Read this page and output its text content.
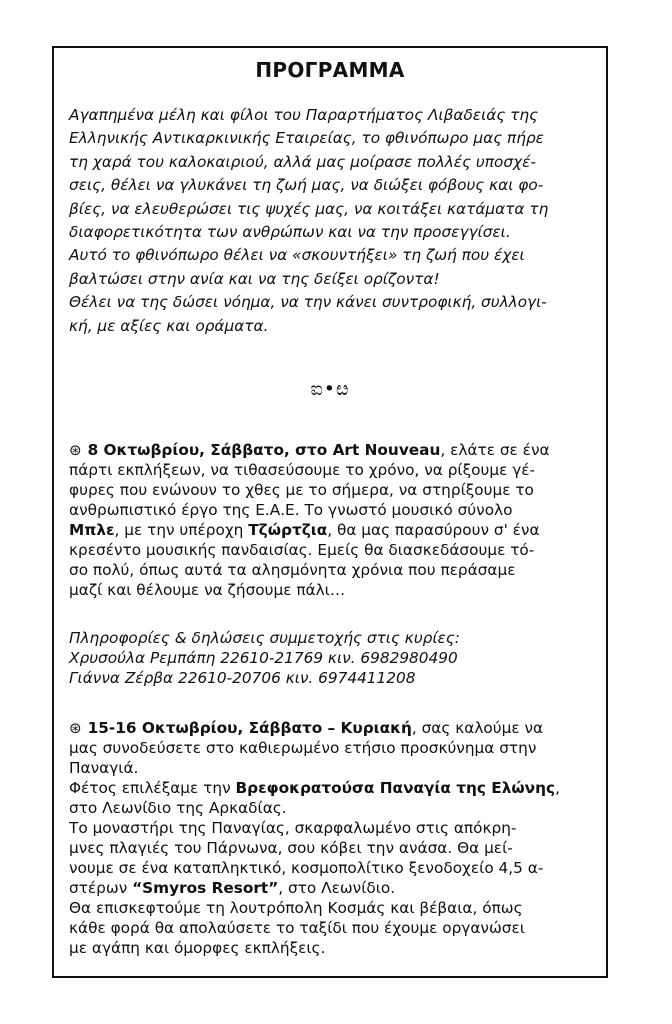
ΠΡΟΓΡΑΜΜΑ

Αγαπημένα μέλη και φίλοι του Παραρτήματος Λιβαδειάς της

Ελληνικής Αντικαρκινικής Εταιρείας, το φθινόπωρο μας πήρε

τη χαρά του καλοκαιριού, αλλά μας μοίρασε πολλές υποσχέ-

σεις, θέλει να γλυκάνει τη ζωή μας, να διώξει φόβους και φο-

βίες, να ελευθερώσει τις ψυχές μας, να κοιτάξει κατάματα τη

διαφορετικότητα των ανθρώπων και να την προσεγγίσει.

Αυτό το φθινόπωρο θέλει να «σκουντήξει» τη ζωή που έχει

βαλτώσει στην ανία και να της δείξει ορίζοντα!

Θέλει να της δώσει νόημα, να την κάνει συντροφική, συλλογι-

κή, με αξίες και οράματα.

ಐ•ೞ

⊛ 8 Οκτωβρίου, Σάββατο, στο Art Nouveau, ελάτε σε ένα

πάρτι εκπλήξεων, να τιθασεύσουμε το χρόνο, να ρίξουμε γέ-

φυρες που ενώνουν το χθες με το σήμερα, να στηρίξουμε το

ανθρωπιστικό έργο της Ε.Α.Ε. Το γνωστό μουσικό σύνολο

Μπλε, με την υπέροχη Τζώρτζια, θα μας παρασύρουν σ' ένα

κρεσέντο μουσικής πανδαισίας. Εμείς θα διασκεδάσουμε τό-

σο πολύ, όπως αυτά τα αλησμόνητα χρόνια που περάσαμε

μαζί και θέλουμε να ζήσουμε πάλι…

Πληροφορίες & δηλώσεις συμμετοχής στις κυρίες:

Χρυσούλα Ρεμπάπη 22610-21769 κιν. 6982980490

Γιάννα Ζέρβα 22610-20706 κιν. 6974411208

⊛ 15-16 Οκτωβρίου, Σάββατο – Κυριακή, σας καλούμε να

μας συνοδεύσετε στο καθιερωμένο ετήσιο προσκύνημα στην

Παναγιά.

Φέτος επιλέξαμε την Βρεφοκρατούσα Παναγία της Ελώνης,

στο Λεωνίδιο της Αρκαδίας.

Το μοναστήρι της Παναγίας, σκαρφαλωμένο στις απόκρη-

μνες πλαγιές του Πάρνωνα, σου κόβει την ανάσα. Θα μεί-

νουμε σε ένα καταπληκτικό, κοσμοπολίτικο ξενοδοχείο 4,5 α-

στέρων “Smyros Resort”, στο Λεωνίδιο.

Θα επισκεφτούμε τη λουτρόπολη Κοσμάς και βέβαια, όπως

κάθε φορά θα απολαύσετε το ταξίδι που έχουμε οργανώσει

με αγάπη και όμορφες εκπλήξεις.
